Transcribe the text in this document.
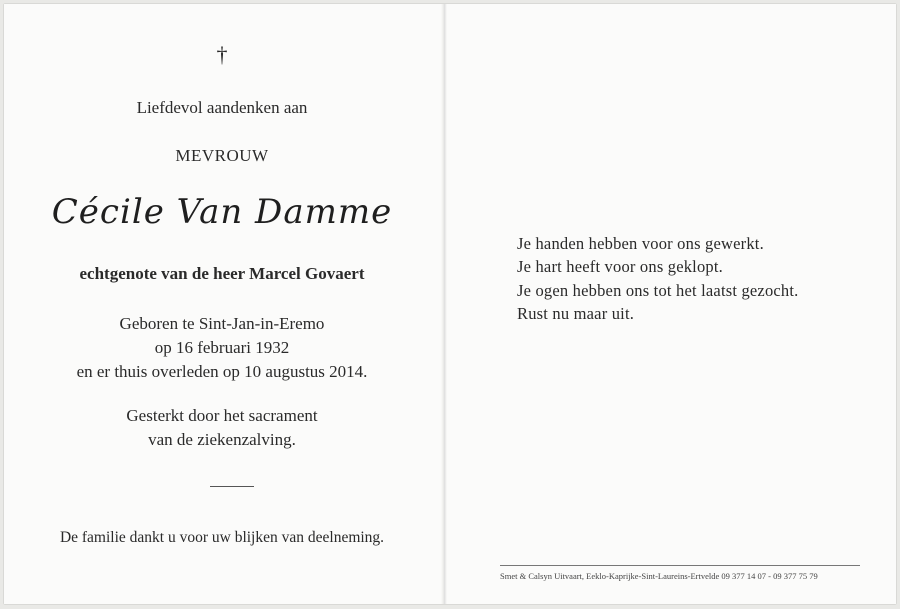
†
Liefdevol aandenken aan
MEVROUW
Cécile Van Damme
echtgenote van de heer Marcel Govaert
Geboren te Sint-Jan-in-Eremo
op 16 februari 1932
en er thuis overleden op 10 augustus 2014.
Gesterkt door het sacrament
van de ziekenzalving.
De familie dankt u voor uw blijken van deelneming.
Je handen hebben voor ons gewerkt.
Je hart heeft voor ons geklopt.
Je ogen hebben ons tot het laatst gezocht.
Rust nu maar uit.
Smet & Calsyn Uitvaart, Eeklo-Kaprijke-Sint-Laureins-Ertvelde 09 377 14 07 - 09 377 75 79
